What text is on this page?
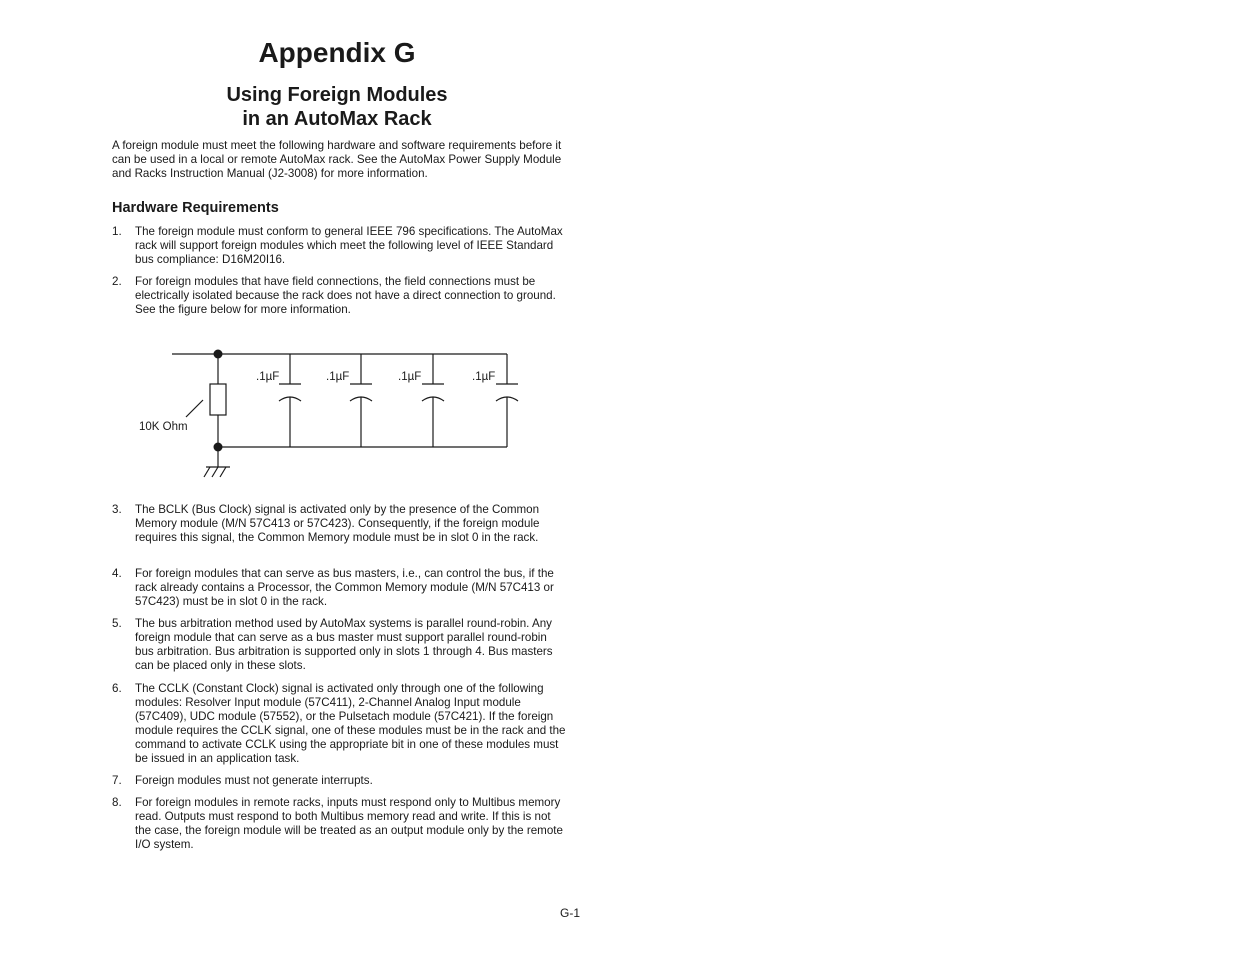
Appendix G
Using Foreign Modules
in an AutoMax Rack

A foreign module must meet the following hardware and software requirements before it can be used in a local or remote AutoMax rack. See the AutoMax Power Supply Module and Racks Instruction Manual (J2-3008) for more information.

Hardware Requirements
1.	The foreign module must conform to general IEEE 796 specifications. The AutoMax rack will support foreign modules which meet the following level of IEEE Standard bus compliance: D16M20I16.
2.	For foreign modules that have field connections, the field connections must be electrically isolated because the rack does not have a direct connection to ground. See the figure below for more information.
.1µF	.1µF	.1µF	.1µF
10K Ohm
3.	The BCLK (Bus Clock) signal is activated only by the presence of the Common Memory module (M/N 57C413 or 57C423). Consequently, if the foreign module requires this signal, the Common Memory module must be in slot 0 in the rack.
4.	For foreign modules that can serve as bus masters, i.e., can control the bus, if the rack already contains a Processor, the Common Memory module (M/N 57C413 or 57C423) must be in slot 0 in the rack.
5.	The bus arbitration method used by AutoMax systems is parallel round-robin. Any foreign module that can serve as a bus master must support parallel round-robin bus arbitration. Bus arbitration is supported only in slots 1 through 4. Bus masters can be placed only in these slots.
6.	The CCLK (Constant Clock) signal is activated only through one of the following modules: Resolver Input module (57C411), 2-Channel Analog Input module (57C409), UDC module (57552), or the Pulsetach module (57C421). If the foreign module requires the CCLK signal, one of these modules must be in the rack and the command to activate CCLK using the appropriate bit in one of these modules must be issued in an application task.
7.	Foreign modules must not generate interrupts.
8.	For foreign modules in remote racks, inputs must respond only to Multibus memory read. Outputs must respond to both Multibus memory read and write. If this is not the case, the foreign module will be treated as an output module only by the remote I/O system.

G-1
